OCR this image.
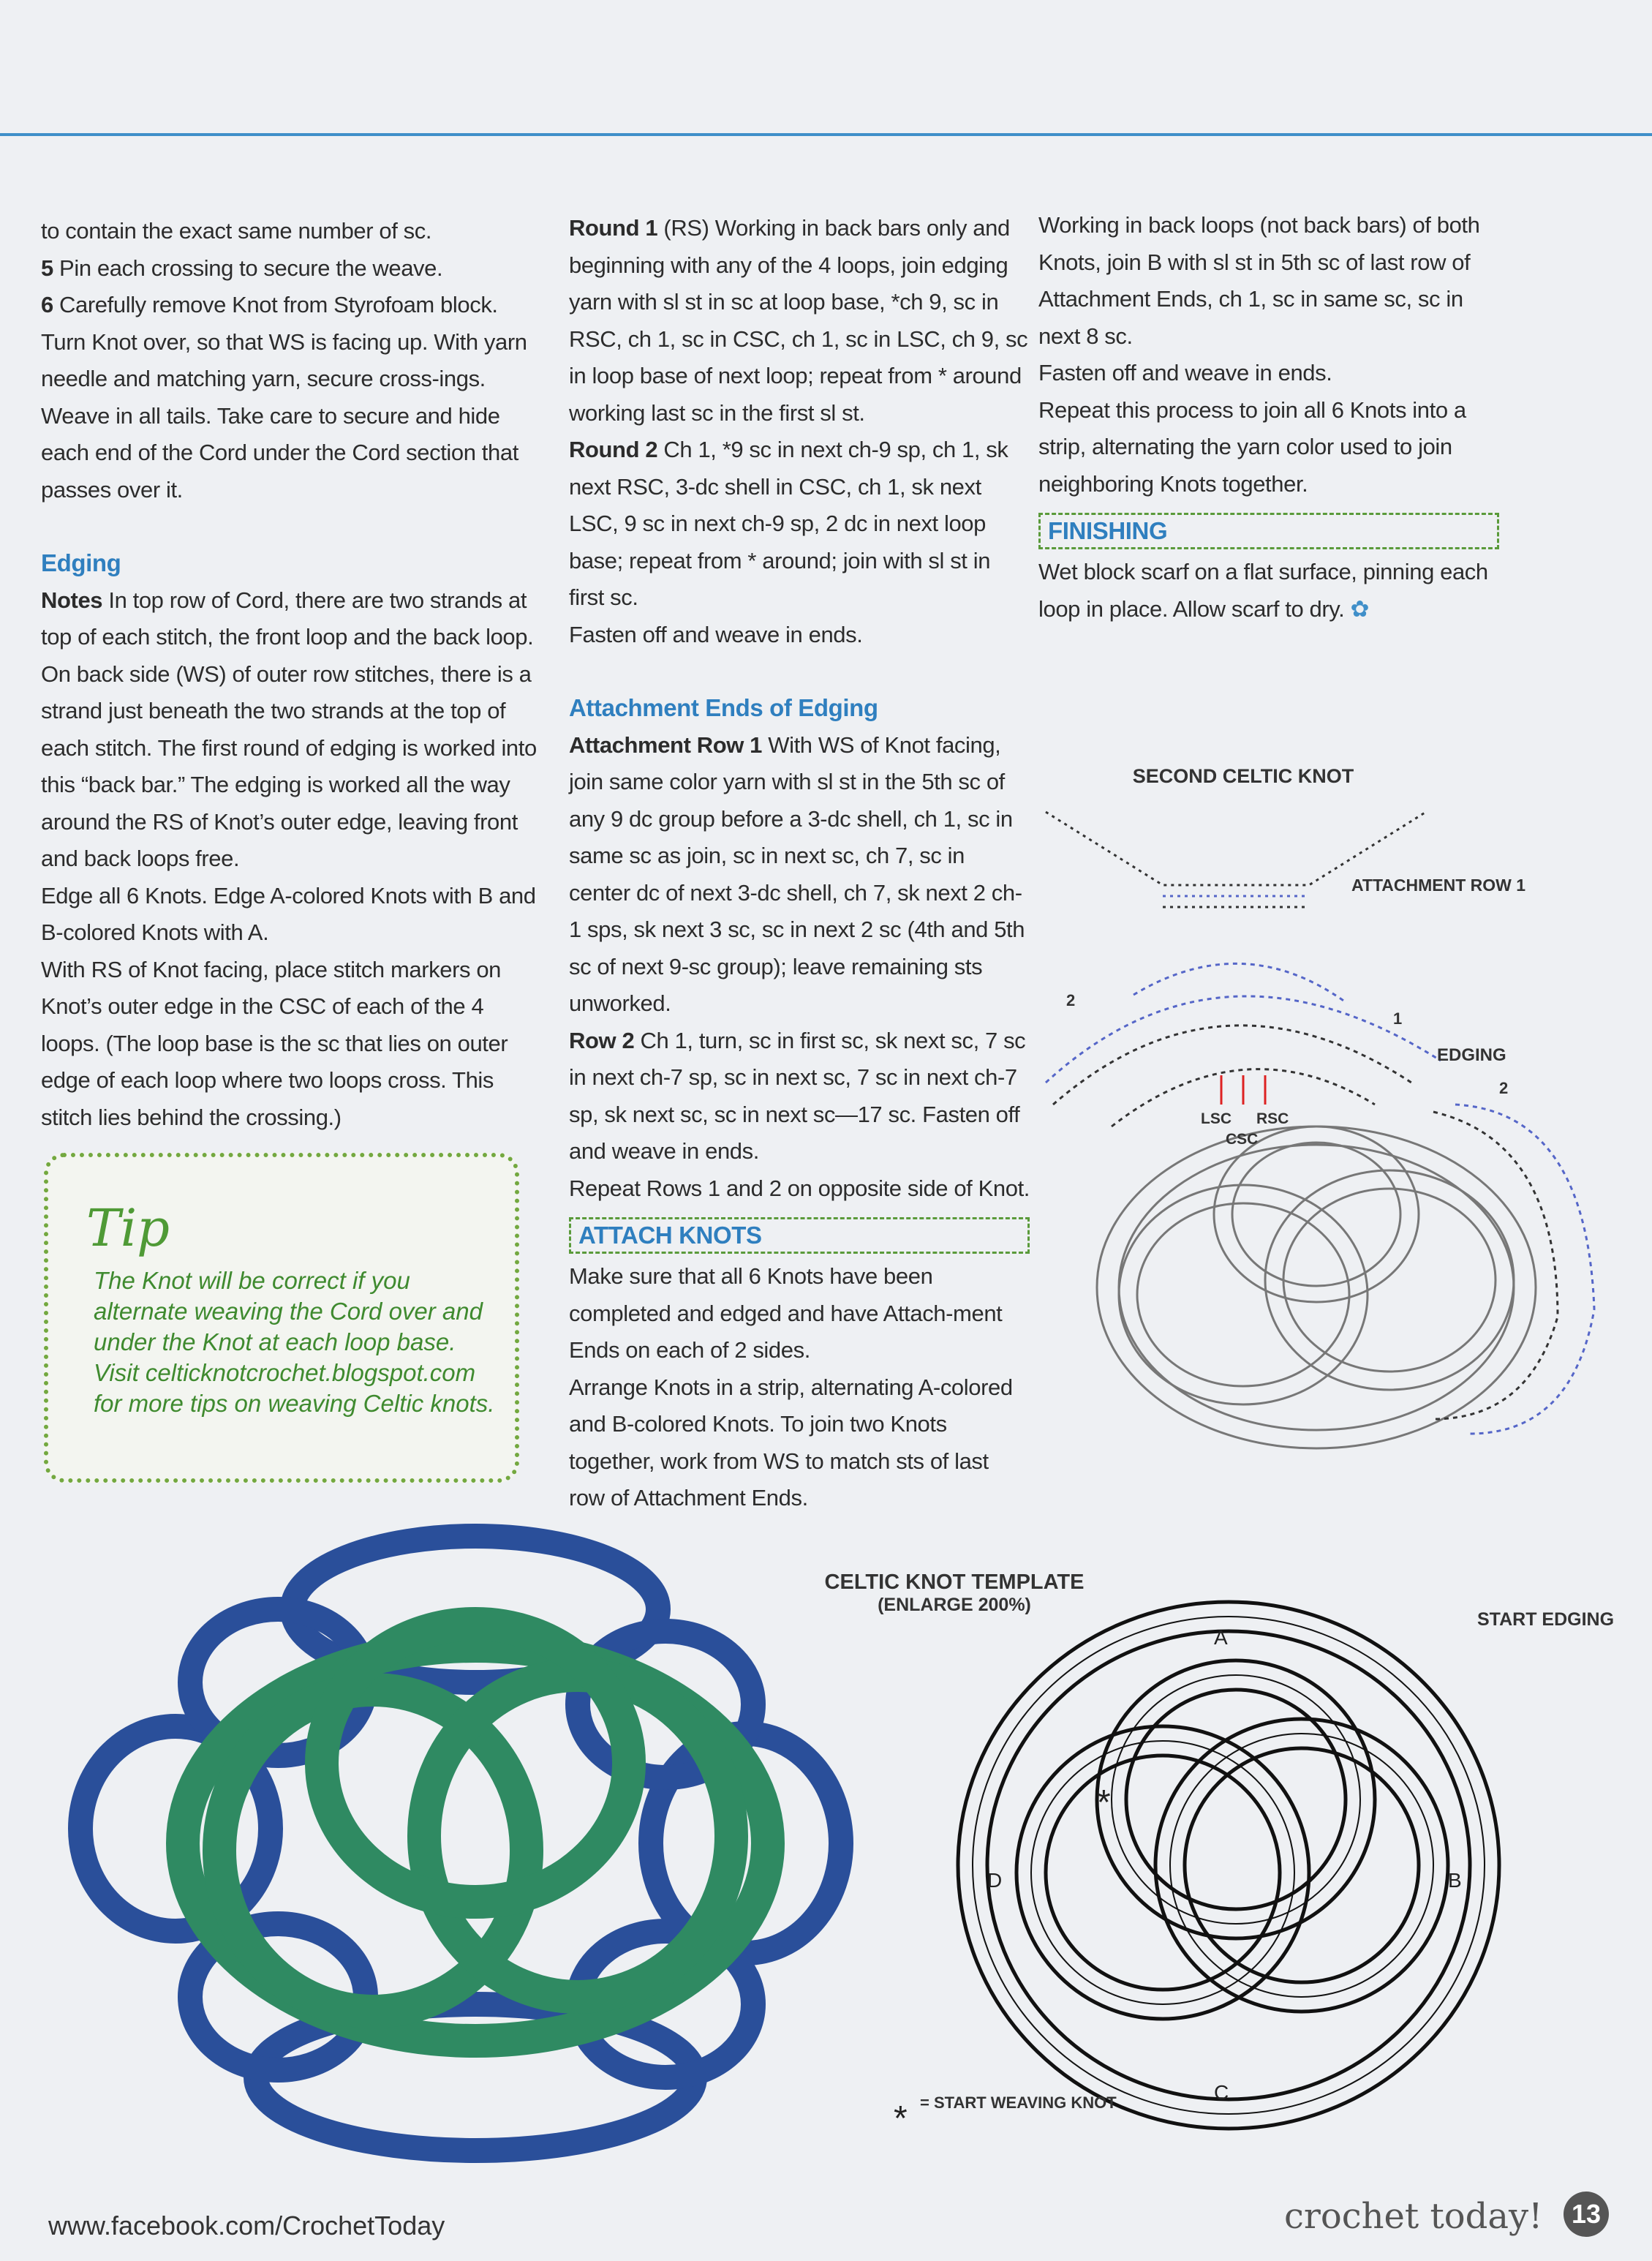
to contain the exact same number of sc.

5 Pin each crossing to secure the weave.

6 Carefully remove Knot from Styrofoam block. Turn Knot over, so that WS is facing up. With yarn needle and matching yarn, secure cross-ings. Weave in all tails. Take care to secure and hide each end of the Cord under the Cord section that passes over it.

Edging

Notes In top row of Cord, there are two strands at top of each stitch, the front loop and the back loop. On back side (WS) of outer row stitches, there is a strand just beneath the two strands at the top of each stitch. The first round of edging is worked into this “back bar.” The edging is worked all the way around the RS of Knot’s outer edge, leaving front and back loops free.

Edge all 6 Knots. Edge A-colored Knots with B and B-colored Knots with A.

With RS of Knot facing, place stitch markers on Knot’s outer edge in the CSC of each of the 4 loops. (The loop base is the sc that lies on outer edge of each loop where two loops cross. This stitch lies behind the crossing.)

Tip
The Knot will be correct if you alternate weaving the Cord over and under the Knot at each loop base. Visit celticknotcrochet.blogspot.com for more tips on weaving Celtic knots.

Round 1 (RS) Working in back bars only and beginning with any of the 4 loops, join edging yarn with sl st in sc at loop base, *ch 9, sc in RSC, ch 1, sc in CSC, ch 1, sc in LSC, ch 9, sc in loop base of next loop; repeat from * around working last sc in the first sl st.

Round 2 Ch 1, *9 sc in next ch-9 sp, ch 1, sk next RSC, 3-dc shell in CSC, ch 1, sk next LSC, 9 sc in next ch-9 sp, 2 dc in next loop base; repeat from * around; join with sl st in first sc.

Fasten off and weave in ends.

Attachment Ends of Edging

Attachment Row 1 With WS of Knot facing, join same color yarn with sl st in the 5th sc of any 9 dc group before a 3-dc shell, ch 1, sc in same sc as join, sc in next sc, ch 7, sc in center dc of next 3-dc shell, ch 7, sk next 2 ch-1 sps, sk next 3 sc, sc in next 2 sc (4th and 5th sc of next 9-sc group); leave remaining sts unworked.

Row 2 Ch 1, turn, sc in first sc, sk next sc, 7 sc in next ch-7 sp, sc in next sc, 7 sc in next ch-7 sp, sk next sc, sc in next sc—17 sc. Fasten off and weave in ends.

Repeat Rows 1 and 2 on opposite side of Knot.

ATTACH KNOTS

Make sure that all 6 Knots have been completed and edged and have Attach-ment Ends on each of 2 sides.

Arrange Knots in a strip, alternating A-colored and B-colored Knots. To join two Knots together, work from WS to match sts of last row of Attachment Ends.

Working in back loops (not back bars) of both Knots, join B with sl st in 5th sc of last row of Attachment Ends, ch 1, sc in same sc, sc in next 8 sc.

Fasten off and weave in ends.

Repeat this process to join all 6 Knots into a strip, alternating the yarn color used to join neighboring Knots together.

FINISHING

Wet block scarf on a flat surface, pinning each loop in place. Allow scarf to dry. ✿

SECOND CELTIC KNOT
ATTACHMENT ROW 1
EDGING
LSC RSC
CSC
1
2
2
CELTIC KNOT TEMPLATE
(ENLARGE 200%)
START EDGING
A
B
C
D
*
* = START WEAVING KNOT
www.facebook.com/CrochetToday	crochet today!	13
